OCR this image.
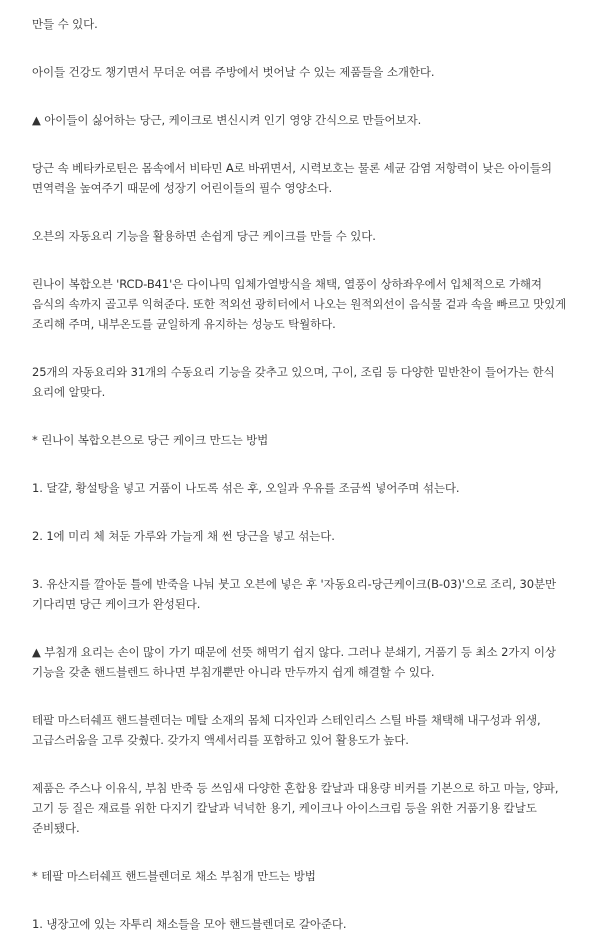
만들 수 있다.

아이들 건강도 챙기면서 무더운 여름 주방에서 벗어날 수 있는 제품들을 소개한다.

▲ 아이들이 싫어하는 당근, 케이크로 변신시켜 인기 영양 간식으로 만들어보자.

당근 속 베타카로틴은 몸속에서 비타민 A로 바뀌면서, 시력보호는 물론 세균 감염 저항력이 낮은 아이들의 면역력을 높여주기 때문에 성장기 어린이들의 필수 영양소다.

오븐의 자동요리 기능을 활용하면 손쉽게 당근 케이크를 만들 수 있다.

린나이 복합오븐 'RCD-B41'은 다이나믹 입체가열방식을 채택, 열풍이 상하좌우에서 입체적으로 가해져 음식의 속까지 골고루 익혀준다. 또한 적외선 광히터에서 나오는 원적외선이 음식물 겉과 속을 빠르고 맛있게 조리해 주며, 내부온도를 균일하게 유지하는 성능도 탁월하다.

25개의 자동요리와 31개의 수동요리 기능을 갖추고 있으며, 구이, 조림 등 다양한 밑반찬이 들어가는 한식 요리에 알맞다.

* 린나이 복합오븐으로 당근 케이크 만드는 방법

1. 달걀, 황설탕을 넣고 거품이 나도록 섞은 후, 오일과 우유를 조금씩 넣어주며 섞는다.

2. 1에 미리 체 쳐둔 가루와 가늘게 채 썬 당근을 넣고 섞는다.

3. 유산지를 깔아둔 틀에 반죽을 나눠 붓고 오븐에 넣은 후 '자동요리-당근케이크(B-03)'으로 조리, 30분만 기다리면 당근 케이크가 완성된다.

▲ 부침개 요리는 손이 많이 가기 때문에 선뜻 해먹기 쉽지 않다. 그러나 분쇄기, 거품기 등 최소 2가지 이상 기능을 갖춘 핸드블렌드 하나면 부침개뿐만 아니라 만두까지 쉽게 해결할 수 있다.

테팔 마스터쉐프 핸드블렌더는 메탈 소재의 몸체 디자인과 스테인리스 스틸 바를 채택해 내구성과 위생, 고급스러움을 고루 갖췄다. 갖가지 액세서리를 포함하고 있어 활용도가 높다.

제품은 주스나 이유식, 부침 반죽 등 쓰임새 다양한 혼합용 칼날과 대용량 비커를 기본으로 하고 마늘, 양파, 고기 등 질은 재료를 위한 다지기 칼날과 넉넉한 용기, 케이크나 아이스크림 등을 위한 거품기용 칼날도 준비됐다.

* 테팔 마스터쉐프 핸드블렌더로 채소 부침개 만드는 방법

1. 냉장고에 있는 자투리 채소들을 모아 핸드블렌더로 갈아준다.
